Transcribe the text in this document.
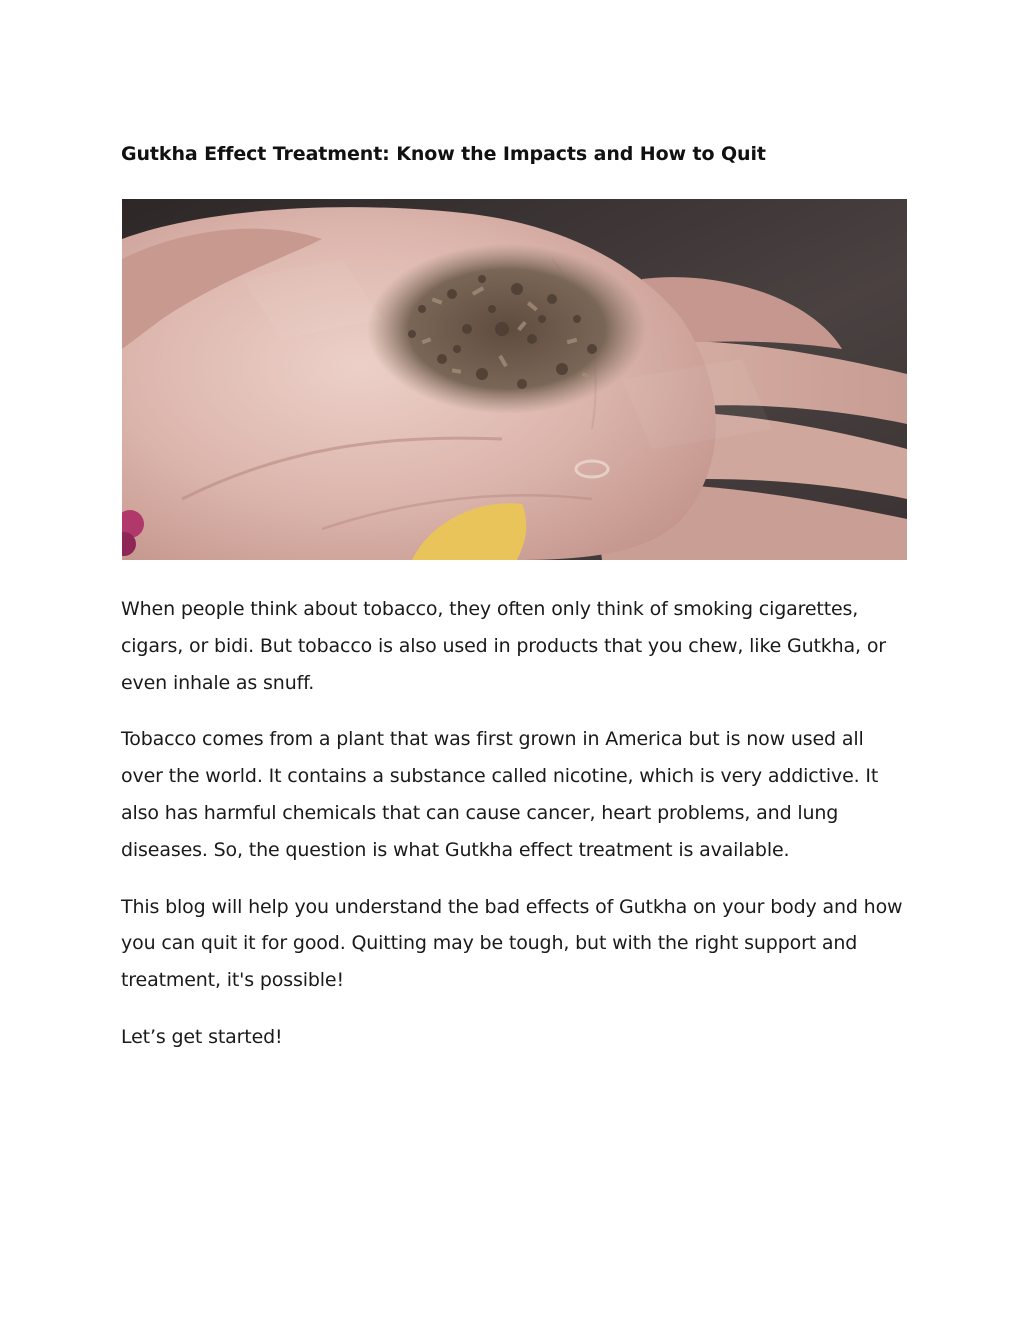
Gutkha Effect Treatment: Know the Impacts and How to Quit

When people think about tobacco, they often only think of smoking cigarettes, cigars, or bidi. But tobacco is also used in products that you chew, like Gutkha, or even inhale as snuff.

Tobacco comes from a plant that was first grown in America but is now used all over the world. It contains a substance called nicotine, which is very addictive. It also has harmful chemicals that can cause cancer, heart problems, and lung diseases. So, the question is what Gutkha effect treatment is available.

This blog will help you understand the bad effects of Gutkha on your body and how you can quit it for good. Quitting may be tough, but with the right support and treatment, it's possible!

Let’s get started!
